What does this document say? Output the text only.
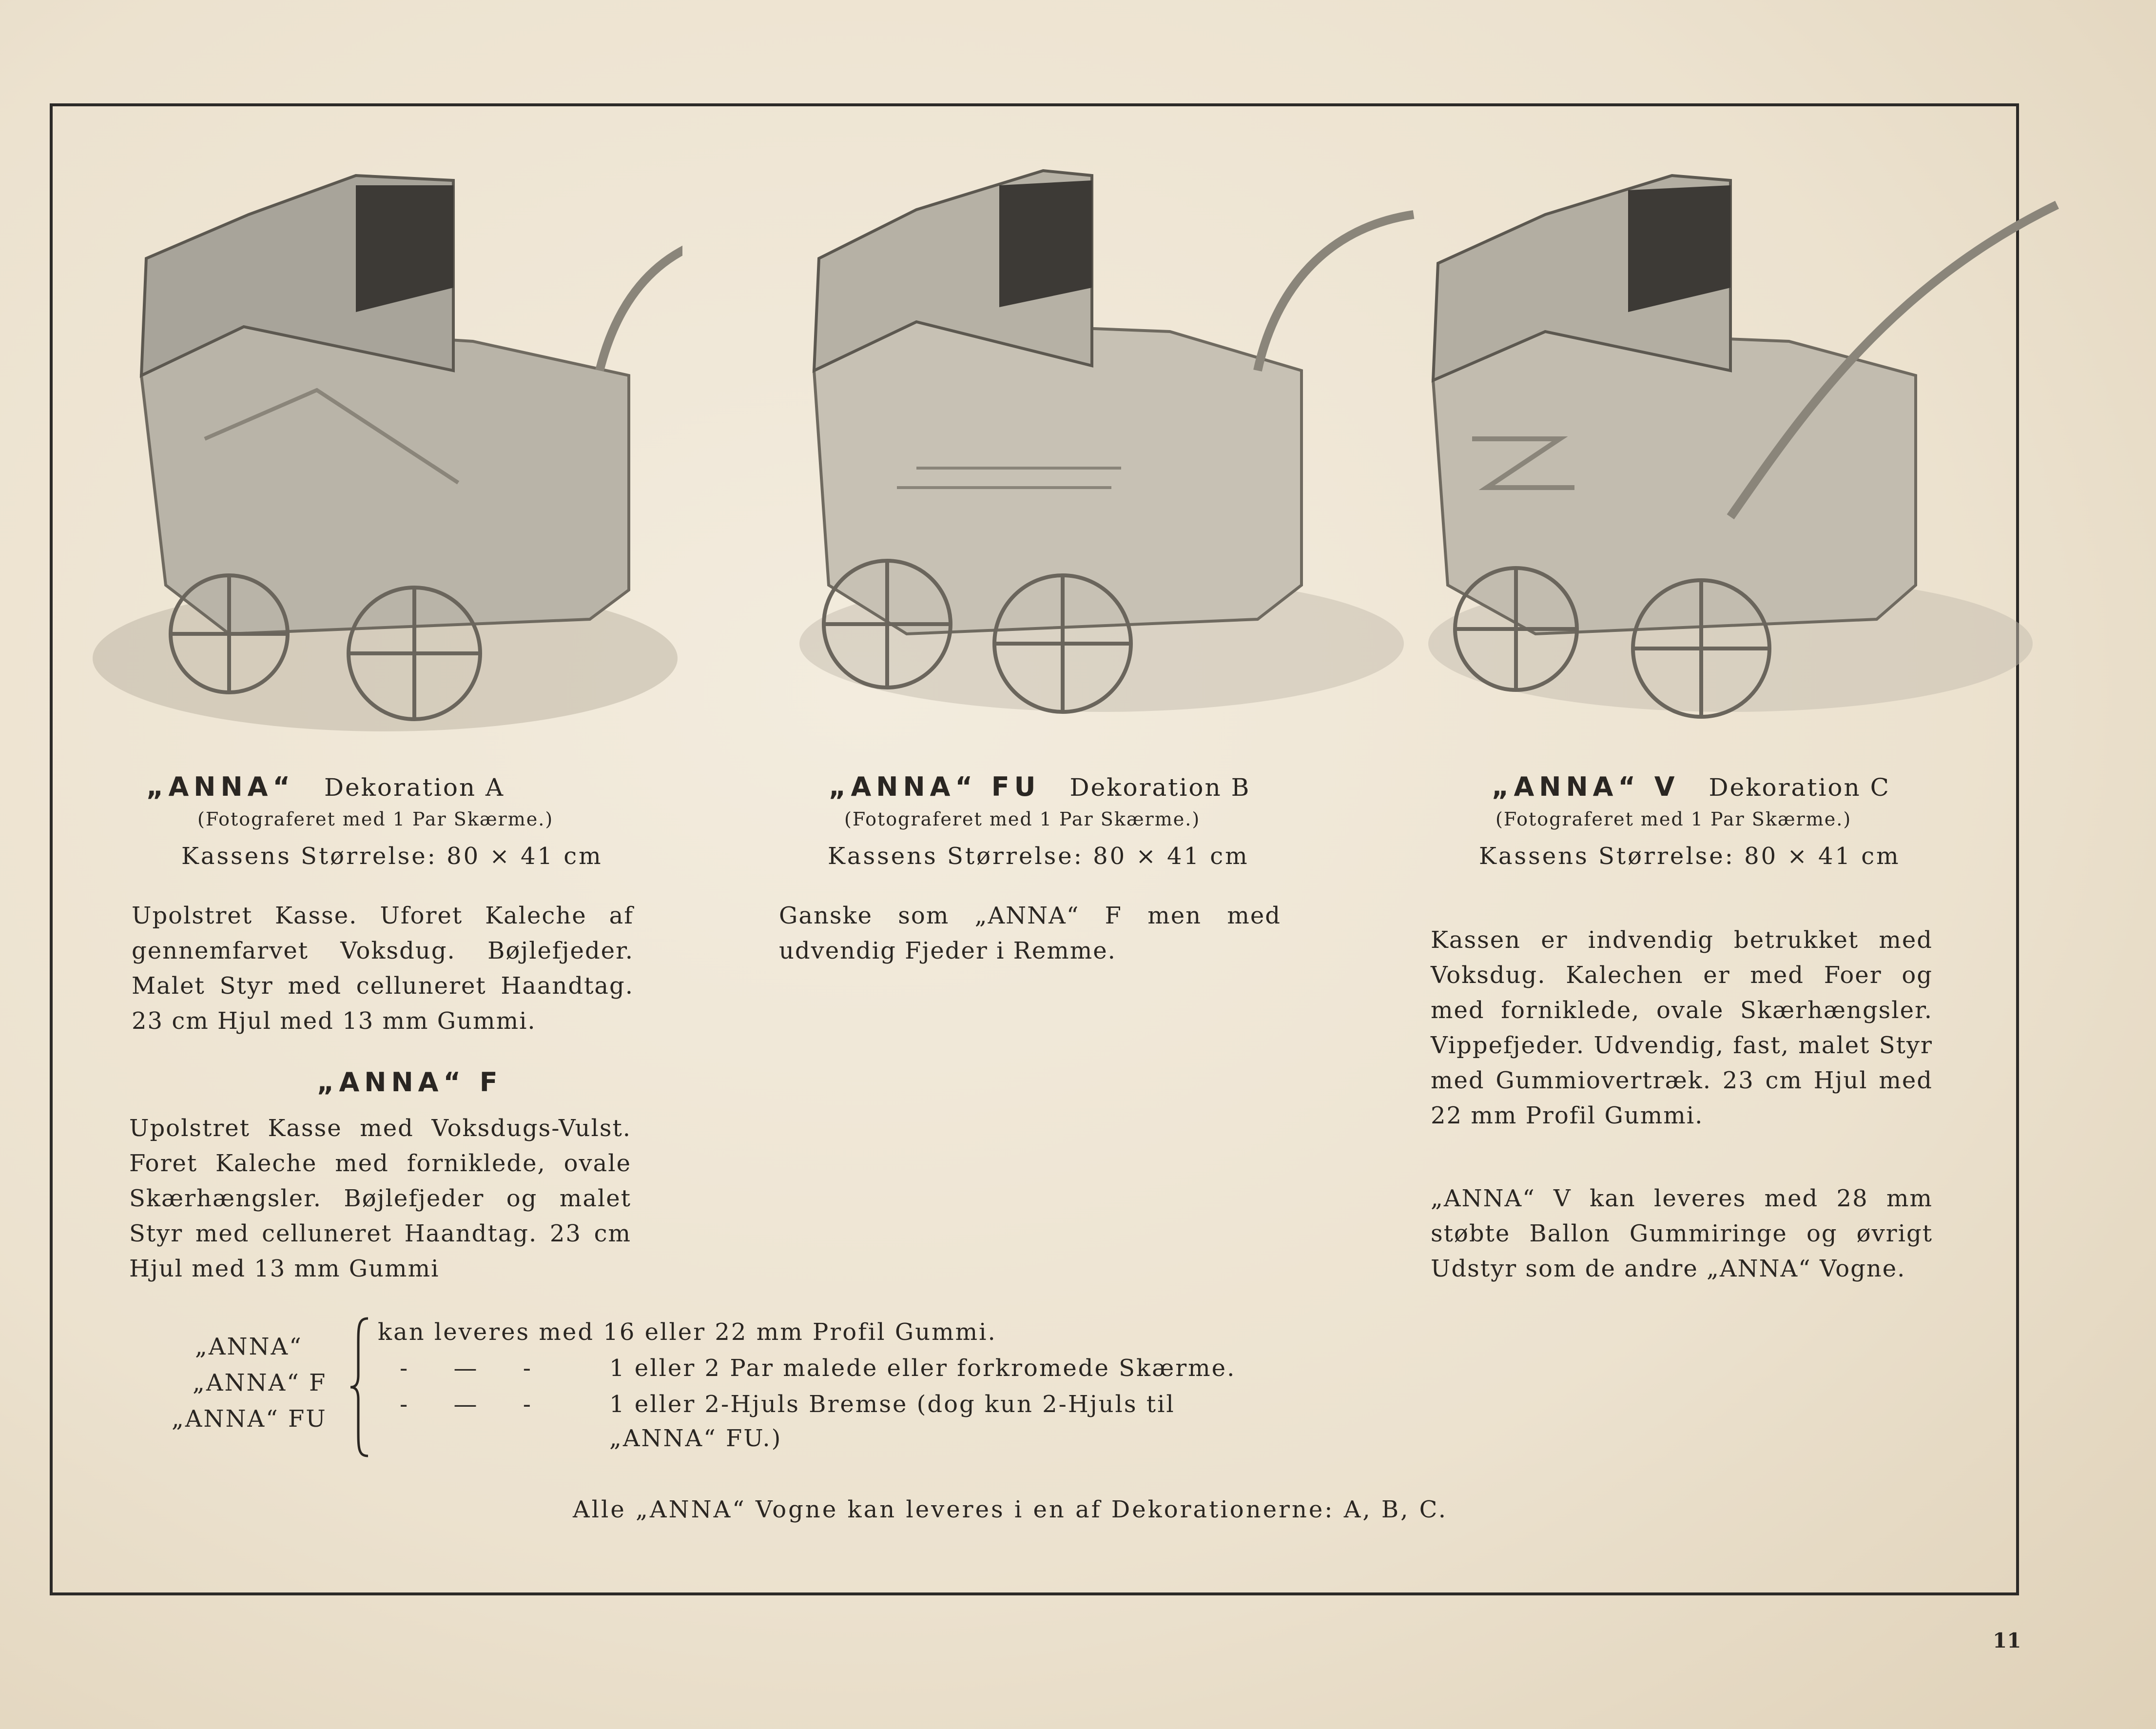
„ANNA“ Dekoration A
(Fotograferet med 1 Par Skærme.)
Kassens Størrelse: 80 × 41 cm

Upolstret Kasse. Uforet Kaleche af gennemfarvet Voksdug. Bøjlefjeder. Malet Styr med celluneret Haandtag. 23 cm Hjul med 13 mm Gummi.

„ANNA“ F

Upolstret Kasse med Voksdugs-Vulst. Foret Kaleche med forniklede, ovale Skærhængsler. Bøjlefjeder og malet Styr med celluneret Haandtag. 23 cm Hjul med 13 mm Gummi

„ANNA“ FU Dekoration B
(Fotograferet med 1 Par Skærme.)
Kassens Størrelse: 80 × 41 cm

Ganske som „ANNA“ F men med udvendig Fjeder i Remme.

„ANNA“ V Dekoration C
(Fotograferet med 1 Par Skærme.)
Kassens Størrelse: 80 × 41 cm

Kassen er indvendig betrukket med Voksdug. Kalechen er med Foer og med forniklede, ovale Skærhængsler. Vippefjeder. Udvendig, fast, malet Styr med Gummiovertræk. 23 cm Hjul med 22 mm Profil Gummi.

„ANNA“ V kan leveres med 28 mm støbte Ballon Gummiringe og øvrigt Udstyr som de andre „ANNA“ Vogne.

„ANNA“
„ANNA“ F
„ANNA“ FU
kan leveres med 16 eller 22 mm Profil Gummi.
-     —     -	1 eller 2 Par malede eller forkromede Skærme.
-     —     -	1 eller 2-Hjuls Bremse (dog kun 2-Hjuls til
„ANNA“ FU.)
Alle „ANNA“ Vogne kan leveres i en af Dekorationerne: A, B, C.
11
